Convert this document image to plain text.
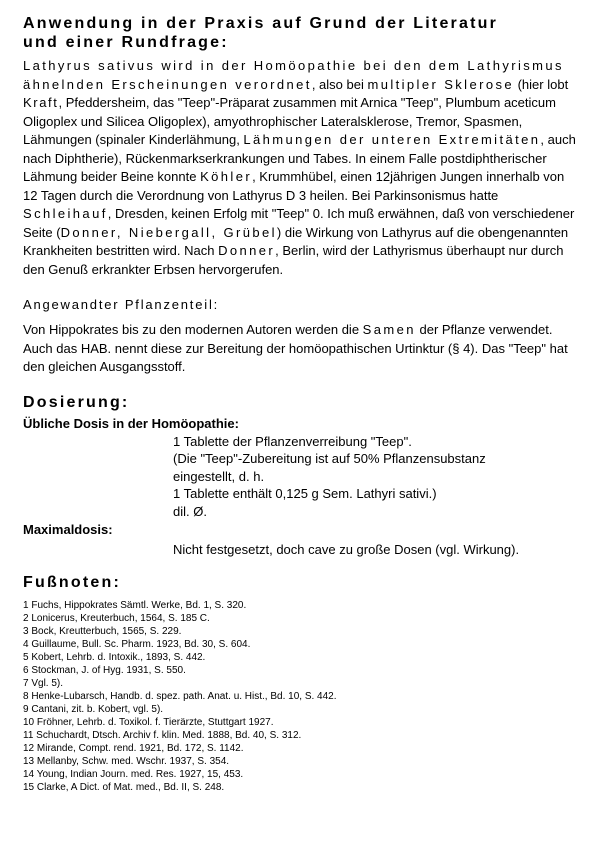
Anwendung in der Praxis auf Grund der Literatur
und einer Rundfrage:

Lathyrus sativus wird in der Homöopathie bei den dem Lathyrismus ähnelnden Erscheinungen verordnet, also bei multipler Sklerose (hier lobt Kraft, Pfeddersheim, das "Teep"-Präparat zusammen mit Arnica "Teep", Plumbum aceticum Oligoplex und Silicea Oligoplex), amyothrophischer Lateralsklerose, Tremor, Spasmen, Lähmungen (spinaler Kinderlähmung, Lähmungen der unteren Extremitäten, auch nach Diphtherie), Rückenmarkserkrankungen und Tabes. In einem Falle postdiphtherischer Lähmung beider Beine konnte Köhler, Krummhübel, einen 12jährigen Jungen innerhalb von 12 Tagen durch die Verordnung von Lathyrus D 3 heilen. Bei Parkinsonismus hatte Schleihauf, Dresden, keinen Erfolg mit "Teep" 0. Ich muß erwähnen, daß von verschiedener Seite (Donner, Niebergall, Grübel) die Wirkung von Lathyrus auf die obengenannten Krankheiten bestritten wird. Nach Donner, Berlin, wird der Lathyrismus überhaupt nur durch den Genuß erkrankter Erbsen hervorgerufen.

Angewandter Pflanzenteil:

Von Hippokrates bis zu den modernen Autoren werden die Samen der Pflanze verwendet. Auch das HAB. nennt diese zur Bereitung der homöopathischen Urtinktur (§ 4). Das "Teep" hat den gleichen Ausgangsstoff.

Dosierung:
Übliche Dosis in der Homöopathie:
1 Tablette der Pflanzenverreibung "Teep".
(Die "Teep"-Zubereitung ist auf 50% Pflanzensubstanz
eingestellt, d. h.
1 Tablette enthält 0,125 g Sem. Lathyri sativi.)
dil. Ø.
Maximaldosis:
Nicht festgesetzt, doch cave zu große Dosen (vgl. Wirkung).
Fußnoten:
1 Fuchs, Hippokrates Sämtl. Werke, Bd. 1, S. 320.
2 Lonicerus, Kreuterbuch, 1564, S. 185 C.
3 Bock, Kreutterbuch, 1565, S. 229.
4 Guillaume, Bull. Sc. Pharm. 1923, Bd. 30, S. 604.
5 Kobert, Lehrb. d. Intoxik., 1893, S. 442.
6 Stockman, J. of Hyg. 1931, S. 550.
7 Vgl. 5).
8 Henke-Lubarsch, Handb. d. spez. path. Anat. u. Hist., Bd. 10, S. 442.
9 Cantani, zit. b. Kobert, vgl. 5).
10 Fröhner, Lehrb. d. Toxikol. f. Tierärzte, Stuttgart 1927.
11 Schuchardt, Dtsch. Archiv f. klin. Med. 1888, Bd. 40, S. 312.
12 Mirande, Compt. rend. 1921, Bd. 172, S. 1142.
13 Mellanby, Schw. med. Wschr. 1937, S. 354.
14 Young, Indian Journ. med. Res. 1927, 15, 453.
15 Clarke, A Dict. of Mat. med., Bd. II, S. 248.
